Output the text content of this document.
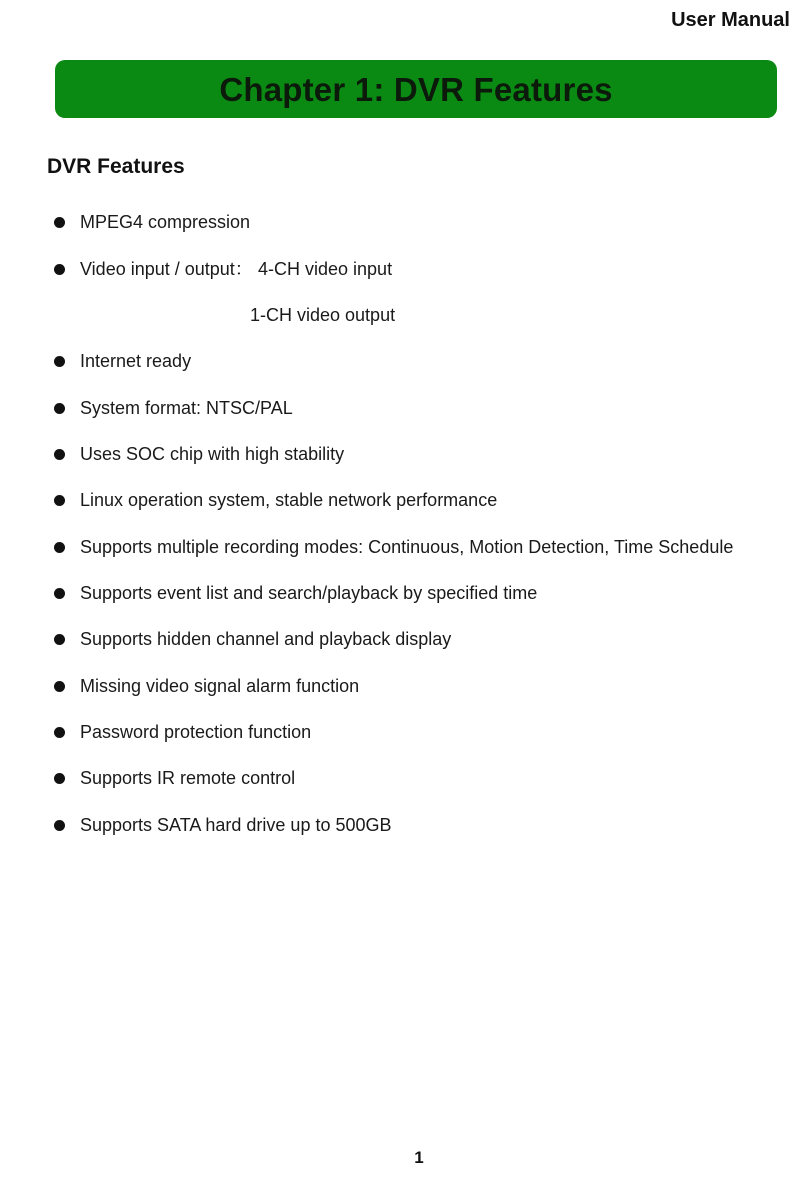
User Manual
Chapter 1: DVR Features
DVR Features
MPEG4 compression
Video input / output： 4-CH video input
1-CH video output
Internet ready
System format: NTSC/PAL
Uses SOC chip with high stability
Linux operation system, stable network performance
Supports multiple recording modes: Continuous, Motion Detection, Time Schedule
Supports event list and search/playback by specified time
Supports hidden channel and playback display
Missing video signal alarm function
Password protection function
Supports IR remote control
Supports SATA hard drive up to 500GB
1
